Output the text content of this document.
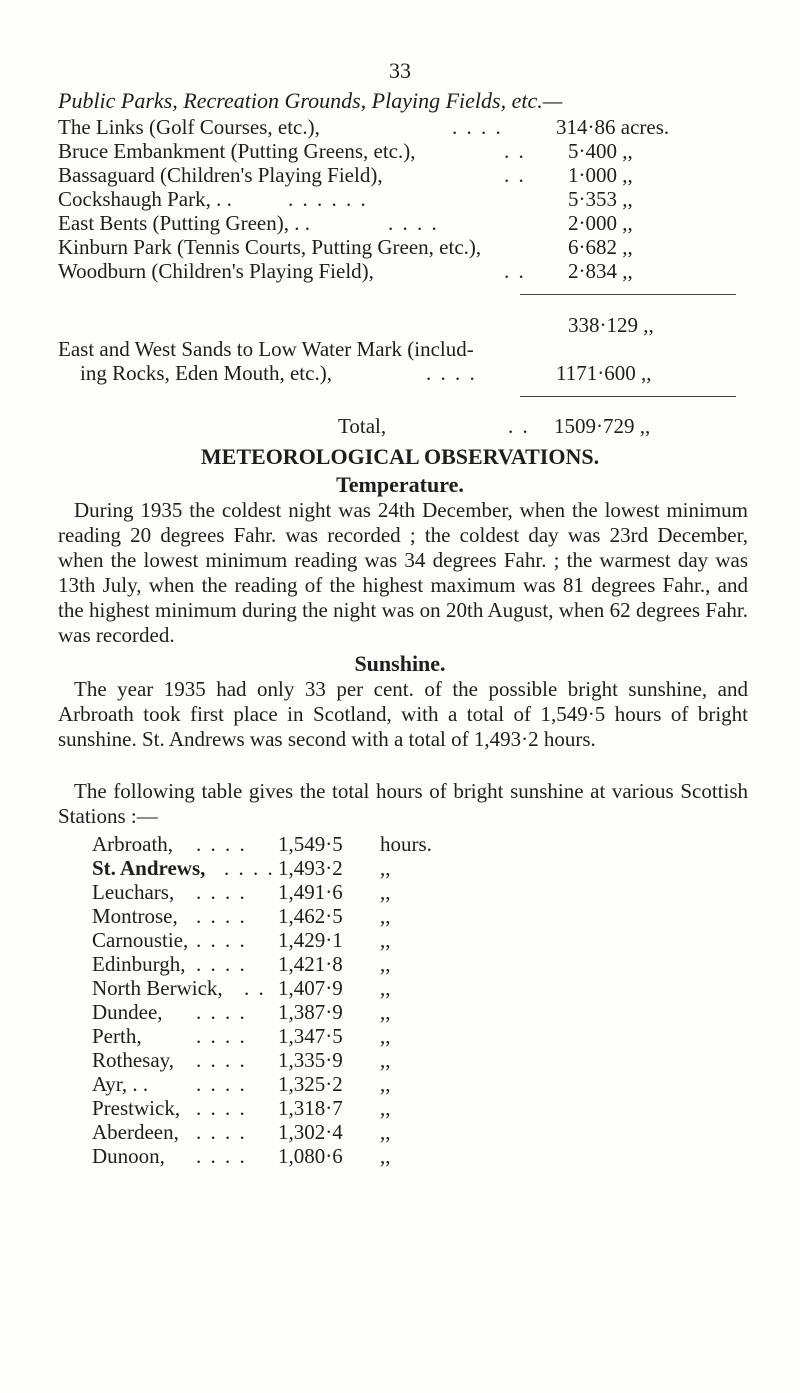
33
Public Parks, Recreation Grounds, Playing Fields, etc.—
The Links (Golf Courses, etc.),	. . . .	314·86 acres.
Bruce Embankment (Putting Greens, etc.),	. . 5·400 ,,
Bassaguard (Children's Playing Field),	. . 1·000 ,,
Cockshaugh Park, . .	. . . . . .	5·353 ,,
East Bents (Putting Green), . .	. . . .	2·000 ,,
Kinburn Park (Tennis Courts, Putting Green, etc.),	6·682 ,,
Woodburn (Children's Playing Field),	. . 2·834 ,,
338·129 ,,
East and West Sands to Low Water Mark (includ-
ing Rocks, Eden Mouth, etc.),	. . . .	1171·600 ,,
Total,	. . 1509·729 ,,
METEOROLOGICAL OBSERVATIONS.
Temperature.
During 1935 the coldest night was 24th December, when the lowest minimum reading 20 degrees Fahr. was recorded ; the coldest day was 23rd December, when the lowest minimum reading was 34 degrees Fahr. ; the warmest day was 13th July, when the reading of the highest maximum was 81 degrees Fahr., and the highest minimum during the night was on 20th August, when 62 degrees Fahr. was recorded.
Sunshine.
The year 1935 had only 33 per cent. of the possible bright sunshine, and Arbroath took first place in Scotland, with a total of 1,549·5 hours of bright sunshine. St. Andrews was second with a total of 1,493·2 hours.
The following table gives the total hours of bright sunshine at various Scottish Stations :—
Arbroath, . . . . 1,549·5 hours.
St. Andrews, . . . . 1,493·2 ,,
Leuchars, . . . . 1,491·6 ,,
Montrose, . . . . 1,462·5 ,,
Carnoustie, . . . . 1,429·1 ,,
Edinburgh, . . . . 1,421·8 ,,
North Berwick, . . 1,407·9 ,,
Dundee, . . . . 1,387·9 ,,
Perth,	. . . . 1,347·5 ,,
Rothesay, . . . . 1,335·9 ,,
Ayr, . . . . . . 1,325·2 ,,
Prestwick, . . . . 1,318·7 ,,
Aberdeen, . . . . 1,302·4 ,,
Dunoon, . . . . 1,080·6 ,,
